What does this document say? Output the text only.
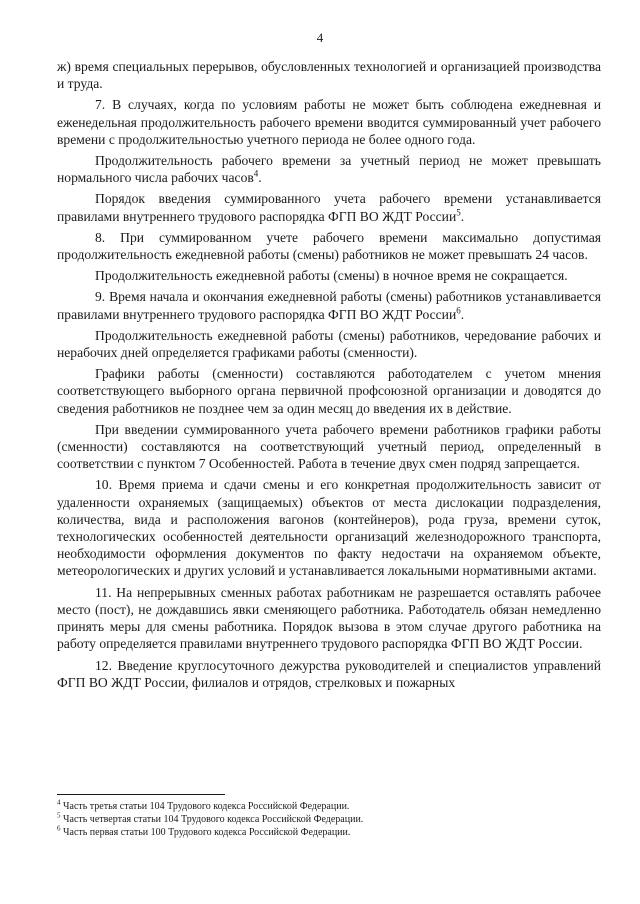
4

ж) время специальных перерывов, обусловленных технологией и организацией производства и труда.

7. В случаях, когда по условиям работы не может быть соблюдена ежедневная и еженедельная продолжительность рабочего времени вводится суммированный учет рабочего времени с продолжительностью учетного периода не более одного года.

Продолжительность рабочего времени за учетный период не может превышать нормального числа рабочих часов$^4$.

Порядок введения суммированного учета рабочего времени устанавливается правилами внутреннего трудового распорядка ФГП ВО ЖДТ России$^5$.

8. При суммированном учете рабочего времени максимально допустимая продолжительность ежедневной работы (смены) работников не может превышать 24 часов.

Продолжительность ежедневной работы (смены) в ночное время не сокращается.

9. Время начала и окончания ежедневной работы (смены) работников устанавливается правилами внутреннего трудового распорядка ФГП ВО ЖДТ России$^6$.

Продолжительность ежедневной работы (смены) работников, чередование рабочих и нерабочих дней определяется графиками работы (сменности).

Графики работы (сменности) составляются работодателем с учетом мнения соответствующего выборного органа первичной профсоюзной организации и доводятся до сведения работников не позднее чем за один месяц до введения их в действие.

При введении суммированного учета рабочего времени работников графики работы (сменности) составляются на соответствующий учетный период, определенный в соответствии с пунктом 7 Особенностей. Работа в течение двух смен подряд запрещается.

10. Время приема и сдачи смены и его конкретная продолжительность зависит от удаленности охраняемых (защищаемых) объектов от места дислокации подразделения, количества, вида и расположения вагонов (контейнеров), рода груза, времени суток, технологических особенностей деятельности организаций железнодорожного транспорта, необходимости оформления документов по факту недостачи на охраняемом объекте, метеорологических и других условий и устанавливается локальными нормативными актами.

11. На непрерывных сменных работах работникам не разрешается оставлять рабочее место (пост), не дождавшись явки сменяющего работника. Работодатель обязан немедленно принять меры для смены работника. Порядок вызова в этом случае другого работника на работу определяется правилами внутреннего трудового распорядка ФГП ВО ЖДТ России.

12. Введение круглосуточного дежурства руководителей и специалистов управлений ФГП ВО ЖДТ России, филиалов и отрядов, стрелковых и пожарных

$^4$ Часть третья статьи 104 Трудового кодекса Российской Федерации.
$^5$ Часть четвертая статьи 104 Трудового кодекса Российской Федерации.
$^6$ Часть первая статьи 100 Трудового кодекса Российской Федерации.
